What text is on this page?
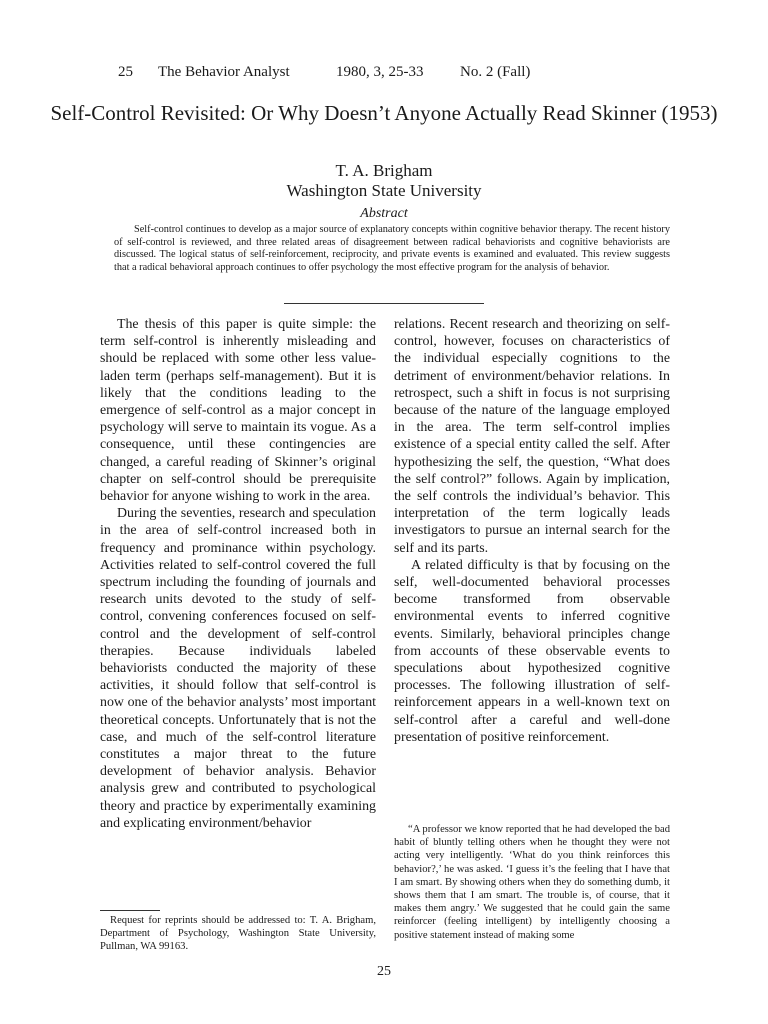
25 The Behavior Analyst	1980, 3, 25-33 No. 2 (Fall)
Self-Control Revisited: Or Why Doesn’t Anyone Actually Read Skinner (1953)
T. A. Brigham
Washington State University
Abstract
Self-control continues to develop as a major source of explanatory concepts within cognitive behavior therapy. The recent history of self-control is reviewed, and three related areas of disagreement between radical behaviorists and cognitive behaviorists are discussed. The logical status of self-reinforcement, reciprocity, and private events is examined and evaluated. This review suggests that a radical behavioral approach continues to offer psychology the most effective program for the analysis of behavior.

The thesis of this paper is quite simple: the term self-control is inherently misleading and should be replaced with some other less value-laden term (perhaps self-management). But it is likely that the conditions leading to the emergence of self-control as a major concept in psychology will serve to maintain its vogue. As a consequence, until these contingencies are changed, a careful reading of Skinner’s original chapter on self-control should be prerequisite behavior for anyone wishing to work in the area.

During the seventies, research and speculation in the area of self-control increased both in frequency and prominance within psychology. Activities related to self-control covered the full spectrum including the founding of journals and research units devoted to the study of self-control, convening conferences focused on self-control and the development of self-control therapies. Because individuals labeled behaviorists conducted the majority of these activities, it should follow that self-control is now one of the behavior analysts’ most important theoretical concepts. Unfortunately that is not the case, and much of the self-control literature constitutes a major threat to the future development of behavior analysis. Behavior analysis grew and contributed to psychological theory and practice by experimentally examining and explicating environment/behavior

relations. Recent research and theorizing on self-control, however, focuses on characteristics of the individual especially cognitions to the detriment of environment/behavior relations. In retrospect, such a shift in focus is not surprising because of the nature of the language employed in the area. The term self-control implies existence of a special entity called the self. After hypothesizing the self, the question, “What does the self control?” follows. Again by implication, the self controls the individual’s behavior. This interpretation of the term logically leads investigators to pursue an internal search for the self and its parts.

A related difficulty is that by focusing on the self, well-documented behavioral processes become transformed from observable environmental events to inferred cognitive events. Similarly, behavioral principles change from accounts of these observable events to speculations about hypothesized cognitive processes. The following illustration of self-reinforcement appears in a well-known text on self-control after a careful and well-done presentation of positive reinforcement.

“A professor we know reported that he had developed the bad habit of bluntly telling others when he thought they were not acting very intelligently. ‘What do you think reinforces this behavior?,’ he was asked. ‘I guess it’s the feeling that I have that I am smart. By showing others when they do something dumb, it shows them that I am smart. The trouble is, of course, that it makes them angry.’ We suggested that he could gain the same reinforcer (feeling intelligent) by intelligently choosing a positive statement instead of making some
Request for reprints should be addressed to: T. A. Brigham, Department of Psychology, Washington State University, Pullman, WA 99163.
25
